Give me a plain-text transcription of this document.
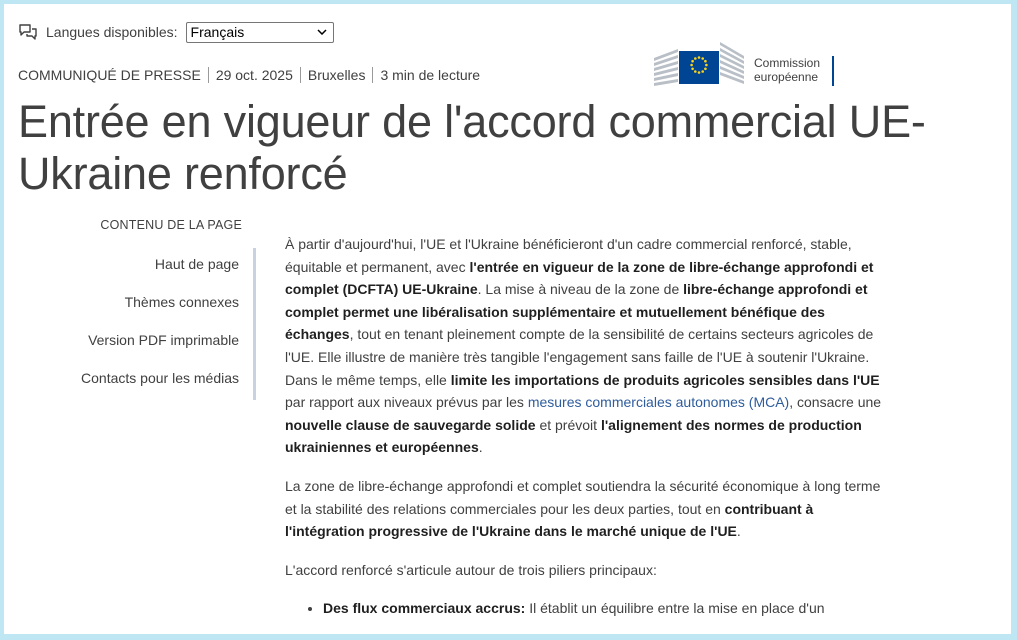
Langues disponibles: Français
COMMUNIQUÉ DE PRESSE 29 oct. 2025 Bruxelles 3 min de lecture
Commission
européenne
Entrée en vigueur de l'accord commercial UE-
Ukraine renforcé
CONTENU DE LA PAGE
Haut de page
Thèmes connexes
Version PDF imprimable
Contacts pour les médias

À partir d'aujourd'hui, l'UE et l'Ukraine bénéficieront d'un cadre commercial renforcé, stable, équitable et permanent, avec l'entrée en vigueur de la zone de libre-échange approfondi et complet (DCFTA) UE-Ukraine. La mise à niveau de la zone de libre-échange approfondi et complet permet une libéralisation supplémentaire et mutuellement bénéfique des échanges, tout en tenant pleinement compte de la sensibilité de certains secteurs agricoles de l'UE. Elle illustre de manière très tangible l'engagement sans faille de l'UE à soutenir l'Ukraine. Dans le même temps, elle limite les importations de produits agricoles sensibles dans l'UE par rapport aux niveaux prévus par les mesures commerciales autonomes (MCA), consacre une nouvelle clause de sauvegarde solide et prévoit l'alignement des normes de production ukrainiennes et européennes.

La zone de libre-échange approfondi et complet soutiendra la sécurité économique à long terme et la stabilité des relations commerciales pour les deux parties, tout en contribuant à l'intégration progressive de l'Ukraine dans le marché unique de l'UE.

L'accord renforcé s'articule autour de trois piliers principaux:

• Des flux commerciaux accrus: Il établit un équilibre entre la mise en place d'un
